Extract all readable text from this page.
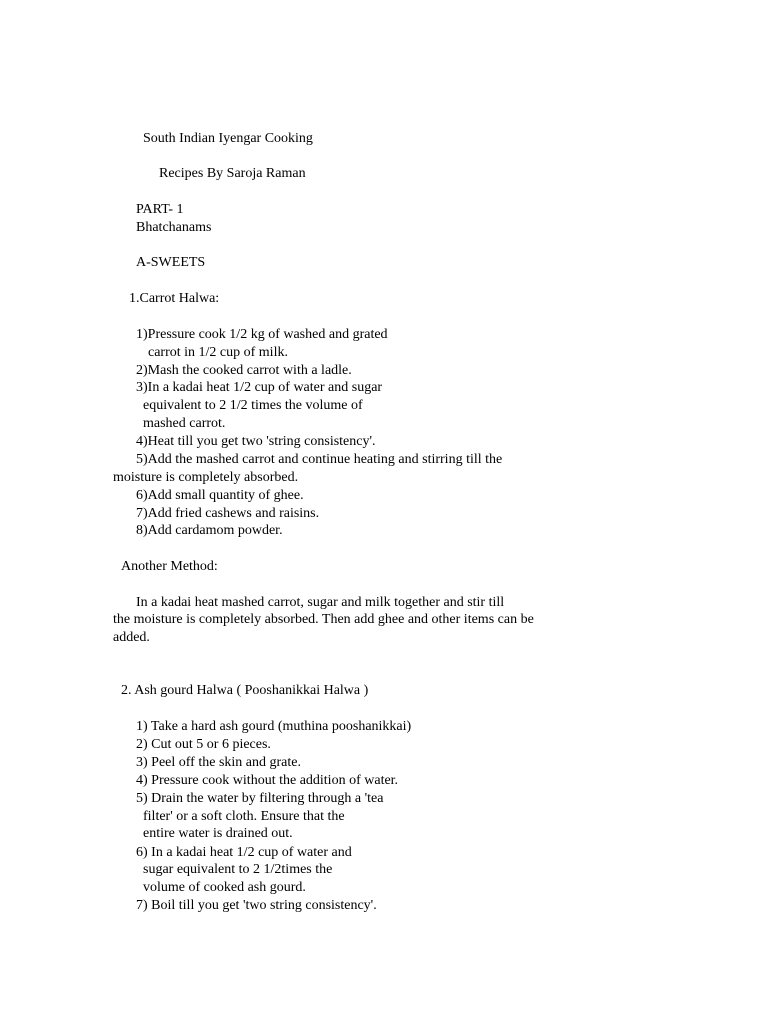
South Indian Iyengar Cooking

Recipes By Saroja Raman

PART- 1

Bhatchanams

A-SWEETS

1.Carrot Halwa:

1)Pressure cook 1/2 kg of washed and grated

carrot in 1/2 cup of milk.

2)Mash the cooked carrot with a ladle.

3)In a kadai heat 1/2 cup of water and sugar

equivalent to 2 1/2 times the volume of

mashed carrot.

4)Heat till you get two 'string consistency'.

5)Add the mashed carrot and continue heating and stirring till the

moisture is completely absorbed.

6)Add small quantity of ghee.

7)Add fried cashews and raisins.

8)Add cardamom powder.

Another Method:

In a kadai heat mashed carrot, sugar and milk together and stir till

the moisture is completely absorbed. Then add ghee and other items can be

added.

2. Ash gourd Halwa ( Pooshanikkai Halwa )

1) Take a hard ash gourd (muthina pooshanikkai)

2) Cut out 5 or 6 pieces.

3) Peel off the skin and grate.

4) Pressure cook without the addition of water.

5) Drain the water by filtering through a 'tea

filter' or a soft cloth. Ensure that the

entire water is drained out.

6) In a kadai heat 1/2 cup of water and

sugar equivalent to 2 1/2times the

volume of cooked ash gourd.

7) Boil till you get 'two string consistency'.
